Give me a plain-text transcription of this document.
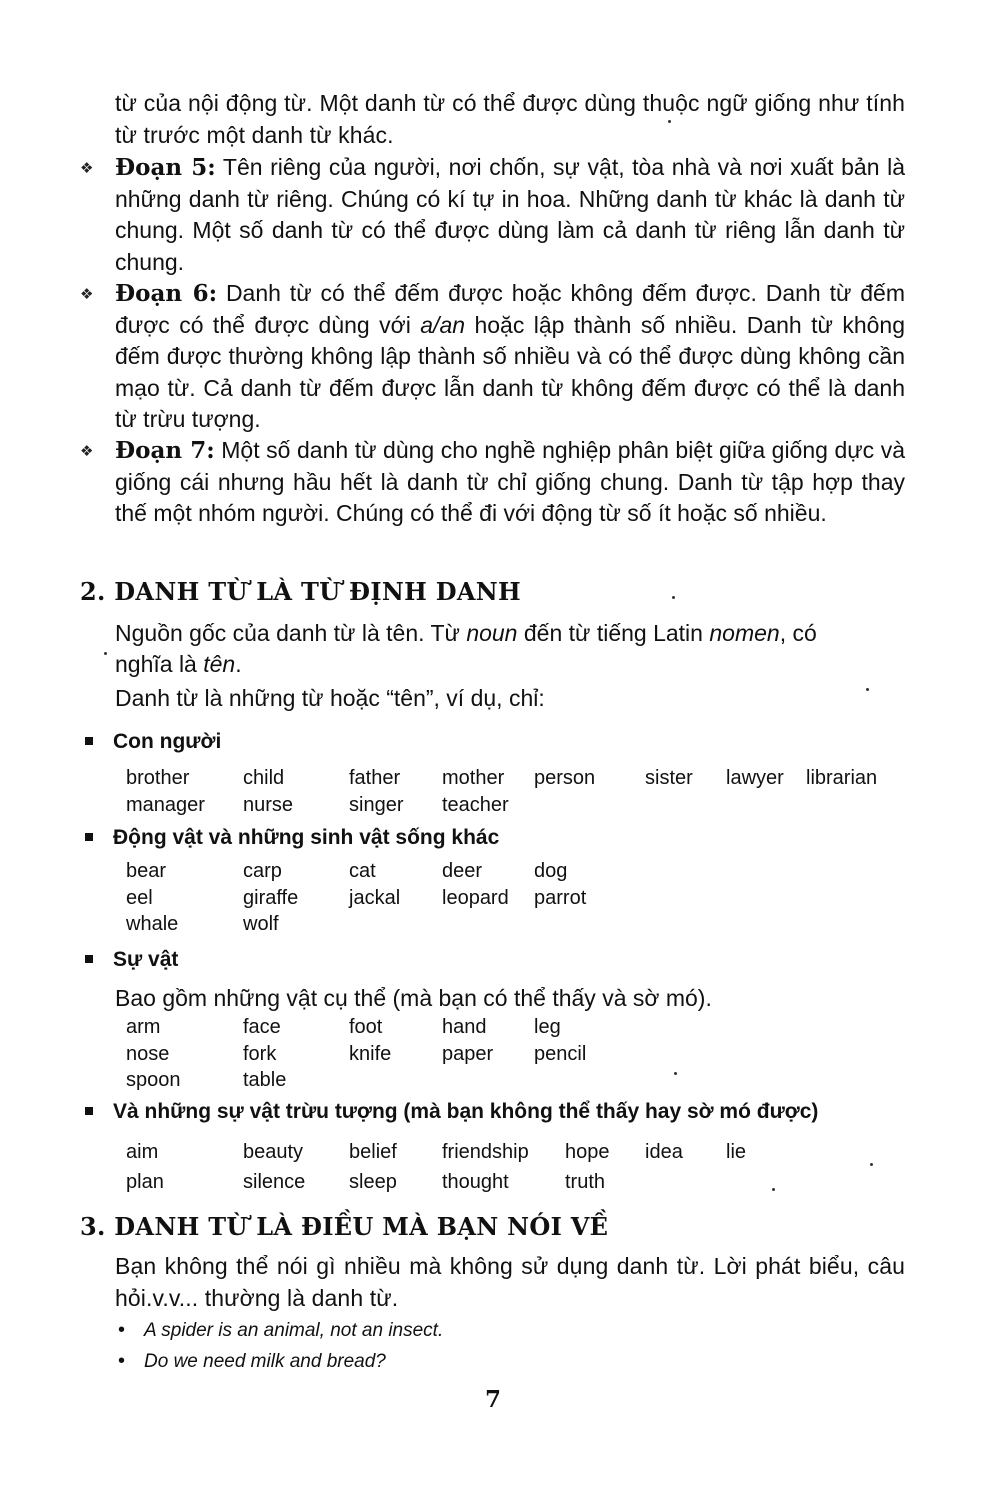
từ của nội động từ. Một danh từ có thể được dùng thuộc ngữ giống như tính từ trước một danh từ khác.
❖ Đoạn 5: Tên riêng của người, nơi chốn, sự vật, tòa nhà và nơi xuất bản là những danh từ riêng. Chúng có kí tự in hoa. Những danh từ khác là danh từ chung. Một số danh từ có thể được dùng làm cả danh từ riêng lẫn danh từ chung.
❖ Đoạn 6: Danh từ có thể đếm được hoặc không đếm được. Danh từ đếm được có thể được dùng với a/an hoặc lập thành số nhiều. Danh từ không đếm được thường không lập thành số nhiều và có thể được dùng không cần mạo từ. Cả danh từ đếm được lẫn danh từ không đếm được có thể là danh từ trừu tượng.
❖ Đoạn 7: Một số danh từ dùng cho nghề nghiệp phân biệt giữa giống dực và giống cái nhưng hầu hết là danh từ chỉ giống chung. Danh từ tập hợp thay thế một nhóm người. Chúng có thể đi với động từ số ít hoặc số nhiều.
2. DANH TỪ LÀ TỪ ĐỊNH DANH
Nguồn gốc của danh từ là tên. Từ noun đến từ tiếng Latin nomen, có
nghĩa là tên.
Danh từ là những từ hoặc “tên”, ví dụ, chỉ:
Con người
brother	child	father mother person sister lawyer librarian
manager nurse	singer teacher
Động vật và những sinh vật sống khác
bear	carp	cat	deer	dog
eel	giraffe	jackal leopard parrot
whale	wolf
Sự vật
Bao gồm những vật cụ thể (mà bạn có thể thấy và sờ mó).
arm	face	foot	hand leg
nose	fork	knife	paper pencil
spoon	table
Và những sự vật trừu tượng (mà bạn không thể thấy hay sờ mó được)
aim	beauty belief friendship hope idea lie
plan	silence sleep thought	truth
3. DANH TỪ LÀ ĐIỀU MÀ BẠN NÓI VỀ
Bạn không thể nói gì nhiều mà không sử dụng danh từ. Lời phát biểu, câu hỏi.v.v... thường là danh từ.
• A spider is an animal, not an insect.
• Do we need milk and bread?
7
